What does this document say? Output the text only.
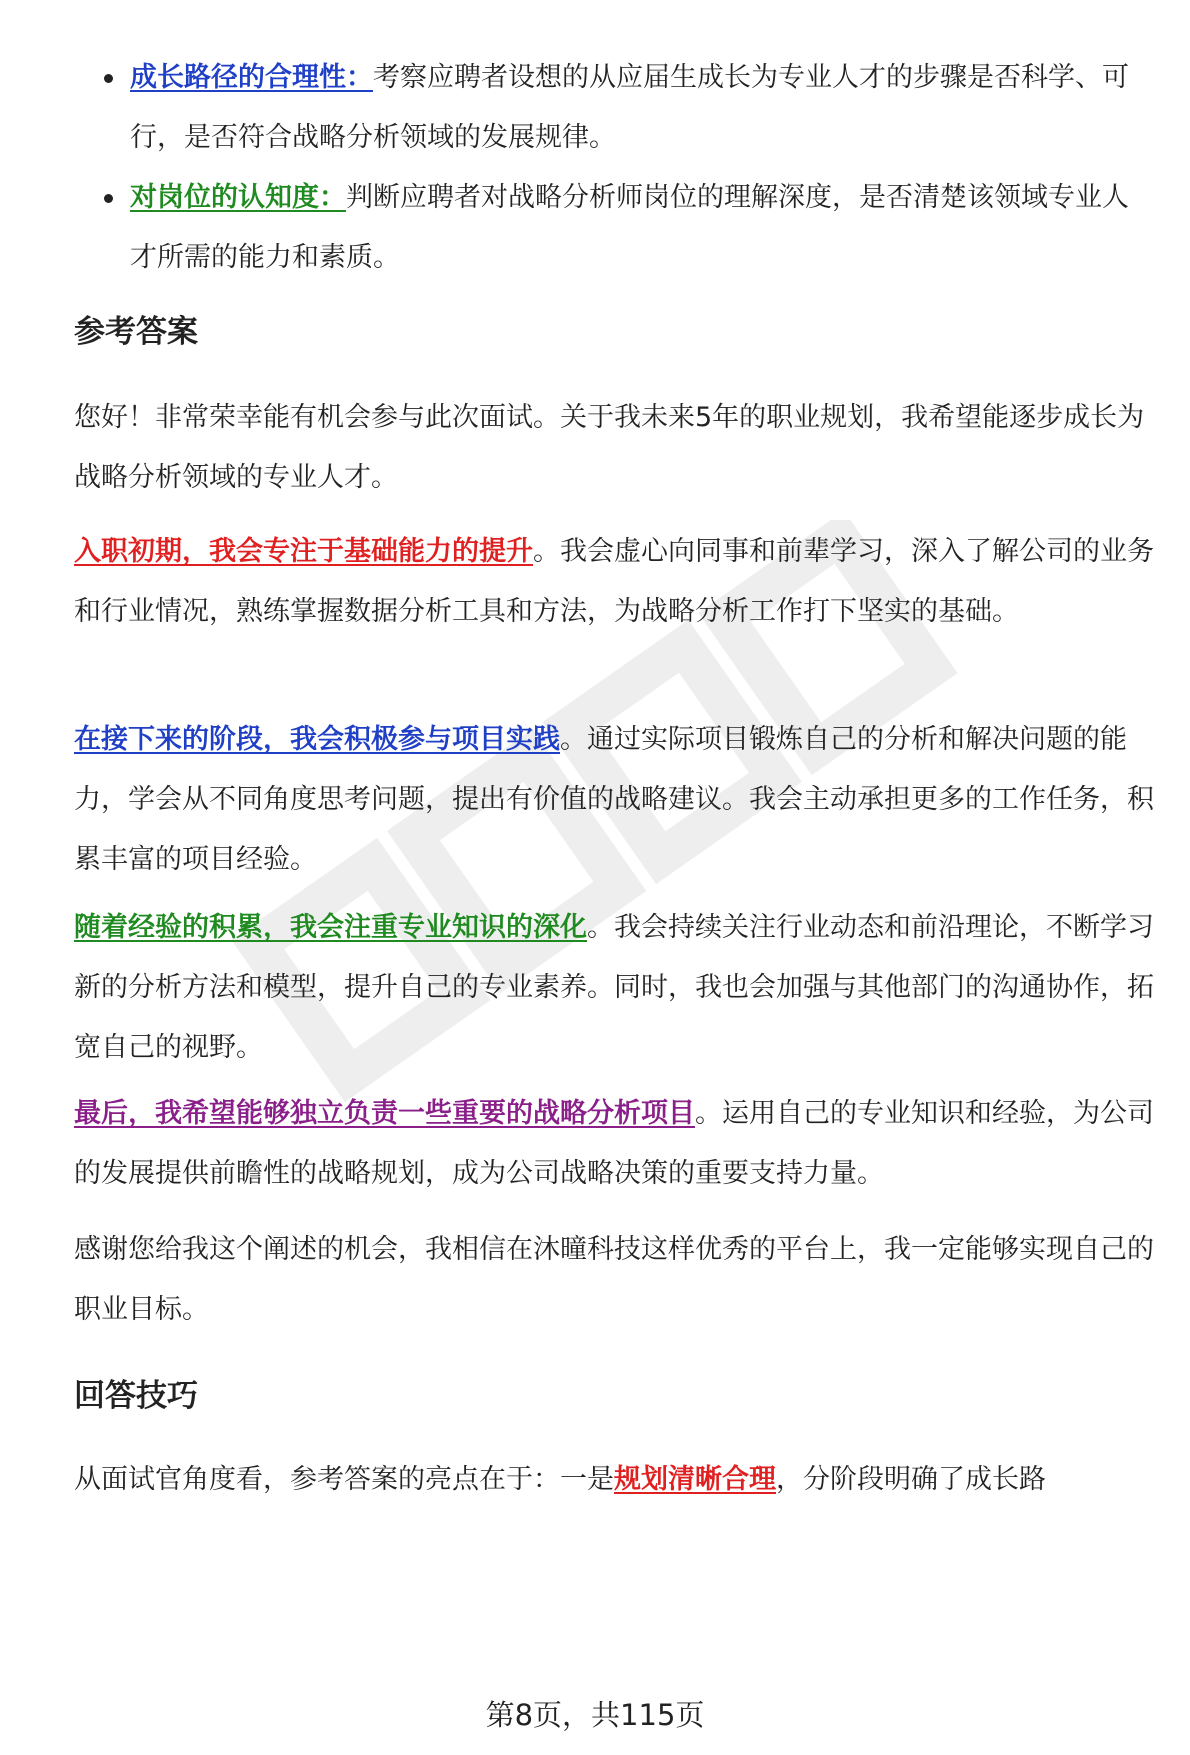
成长路径的合理性：考察应聘者设想的从应届生成长为专业人才的步骤是否科学、可行，是否符合战略分析领域的发展规律。
对岗位的认知度：判断应聘者对战略分析师岗位的理解深度，是否清楚该领域专业人才所需的能力和素质。
参考答案

您好！非常荣幸能有机会参与此次面试。关于我未来5年的职业规划，我希望能逐步成长为战略分析领域的专业人才。

入职初期，我会专注于基础能力的提升。我会虚心向同事和前辈学习，深入了解公司的业务和行业情况，熟练掌握数据分析工具和方法，为战略分析工作打下坚实的基础。

在接下来的阶段，我会积极参与项目实践。通过实际项目锻炼自己的分析和解决问题的能力，学会从不同角度思考问题，提出有价值的战略建议。我会主动承担更多的工作任务，积累丰富的项目经验。

随着经验的积累，我会注重专业知识的深化。我会持续关注行业动态和前沿理论，不断学习新的分析方法和模型，提升自己的专业素养。同时，我也会加强与其他部门的沟通协作，拓宽自己的视野。

最后，我希望能够独立负责一些重要的战略分析项目。运用自己的专业知识和经验，为公司的发展提供前瞻性的战略规划，成为公司战略决策的重要支持力量。

感谢您给我这个阐述的机会，我相信在沐曈科技这样优秀的平台上，我一定能够实现自己的职业目标。

回答技巧

从面试官角度看，参考答案的亮点在于：一是规划清晰合理，分阶段明确了成长路

第8页，共115页
